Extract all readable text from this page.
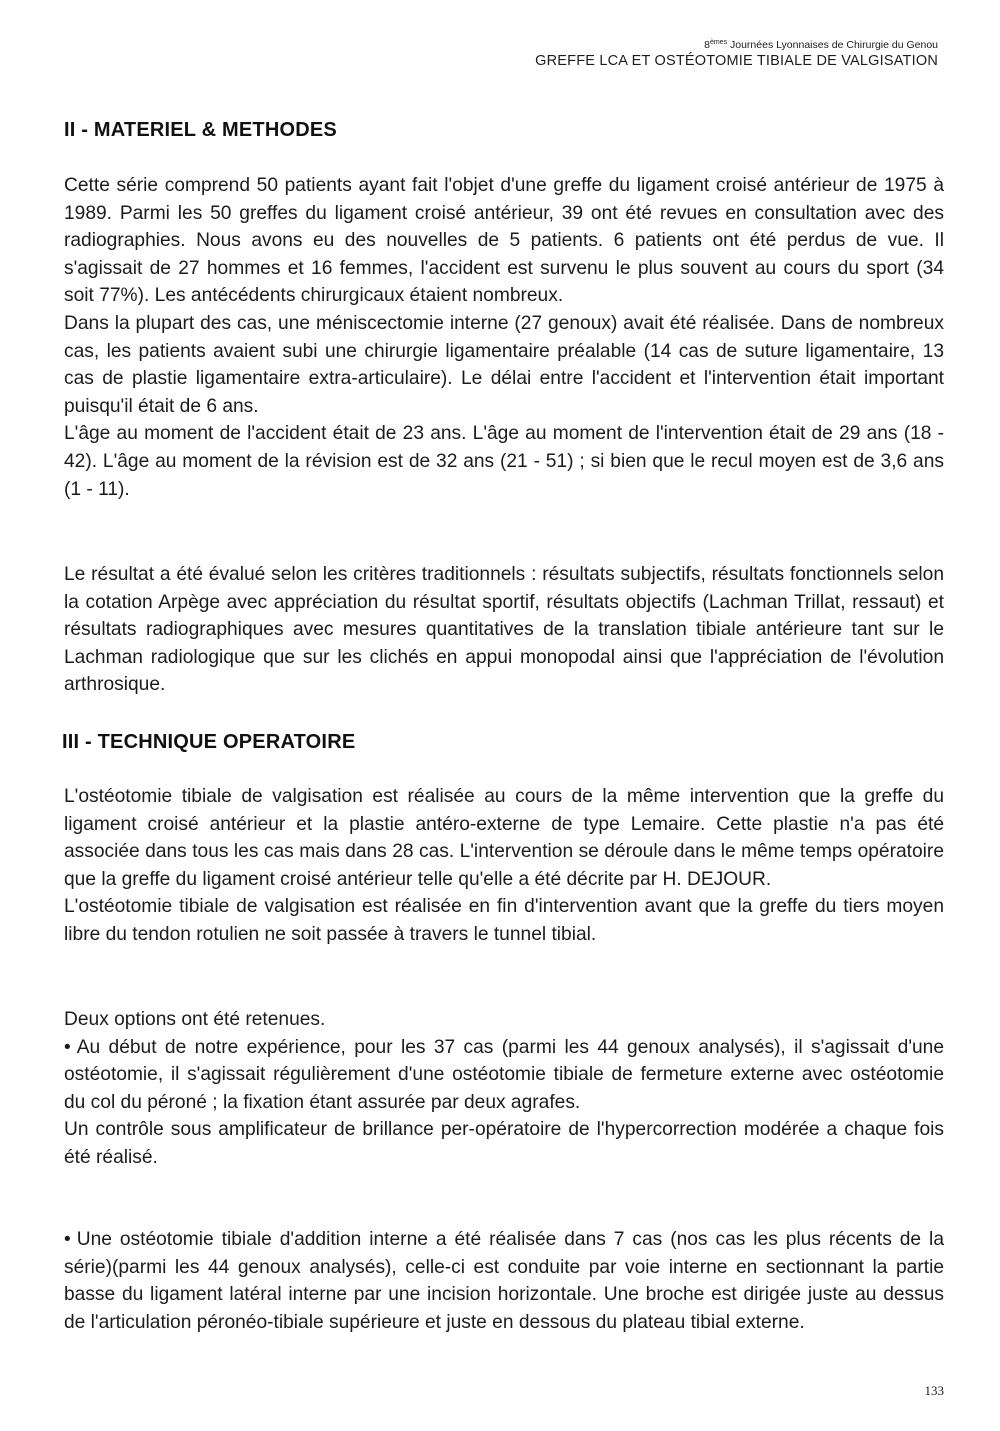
8èmes Journées Lyonnaises de Chirurgie du Genou
GREFFE LCA ET OSTÉOTOMIE TIBIALE DE VALGISATION
II - MATERIEL & METHODES

Cette série comprend 50 patients ayant fait l'objet d'une greffe du ligament croisé antérieur de 1975 à 1989. Parmi les 50 greffes du ligament croisé antérieur, 39 ont été revues en consultation avec des radiographies. Nous avons eu des nouvelles de 5 patients. 6 patients ont été perdus de vue. Il s'agissait de 27 hommes et 16 femmes, l'accident est survenu le plus souvent au cours du sport (34 soit 77%). Les antécédents chirurgicaux étaient nombreux.

Dans la plupart des cas, une méniscectomie interne (27 genoux) avait été réalisée. Dans de nombreux cas, les patients avaient subi une chirurgie ligamentaire préalable (14 cas de suture ligamentaire, 13 cas de plastie ligamentaire extra-articulaire). Le délai entre l'accident et l'intervention était important puisqu'il était de 6 ans.

L'âge au moment de l'accident était de 23 ans. L'âge au moment de l'intervention était de 29 ans (18 - 42). L'âge au moment de la révision est de 32 ans (21 - 51) ; si bien que le recul moyen est de 3,6 ans (1 - 11).

Le résultat a été évalué selon les critères traditionnels : résultats subjectifs, résultats fonctionnels selon la cotation Arpège avec appréciation du résultat sportif, résultats objectifs (Lachman Trillat, ressaut) et résultats radiographiques avec mesures quantitatives de la translation tibiale antérieure tant sur le Lachman radiologique que sur les clichés en appui monopodal ainsi que l'appréciation de l'évolution arthrosique.

III - TECHNIQUE OPERATOIRE

L'ostéotomie tibiale de valgisation est réalisée au cours de la même intervention que la greffe du ligament croisé antérieur et la plastie antéro-externe de type Lemaire. Cette plastie n'a pas été associée dans tous les cas mais dans 28 cas. L'intervention se déroule dans le même temps opératoire que la greffe du ligament croisé antérieur telle qu'elle a été décrite par H. DEJOUR.

L'ostéotomie tibiale de valgisation est réalisée en fin d'intervention avant que la greffe du tiers moyen libre du tendon rotulien ne soit passée à travers le tunnel tibial.

Deux options ont été retenues.

• Au début de notre expérience, pour les 37 cas (parmi les 44 genoux analysés), il s'agissait d'une ostéotomie, il s'agissait régulièrement d'une ostéotomie tibiale de fermeture externe avec ostéotomie du col du péroné ; la fixation étant assurée par deux agrafes.

Un contrôle sous amplificateur de brillance per-opératoire de l'hypercorrection modérée a chaque fois été réalisé.

• Une ostéotomie tibiale d'addition interne a été réalisée dans 7 cas (nos cas les plus récents de la série)(parmi les 44 genoux analysés), celle-ci est conduite par voie interne en sectionnant la partie basse du ligament latéral interne par une incision horizontale. Une broche est dirigée juste au dessus de l'articulation péronéo-tibiale supérieure et juste en dessous du plateau tibial externe.

133
